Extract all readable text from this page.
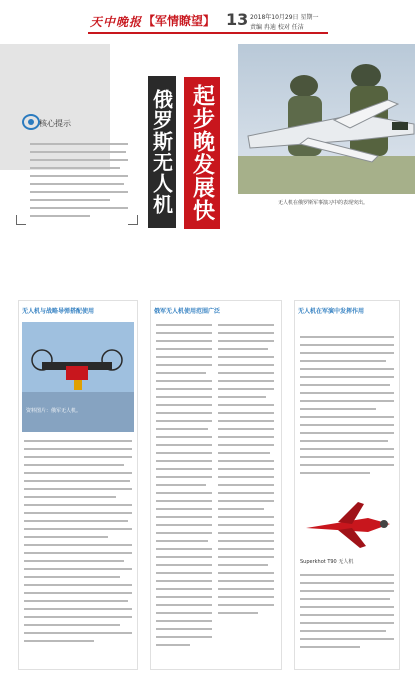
天中晚报 【军情瞭望】 13 2018年10月29日 星期一
责编 冉迪 校对 任洁
俄罗斯无人机 起步晚发展快
核心提示
无人机在俄罗斯军事演习中的表现突出。
无人机与战略导弹搭配使用	俄军无人机使用范围广泛	无人机在军演中发挥作用
资料图片：俄军无人机。
Superkhot T90 无人机
